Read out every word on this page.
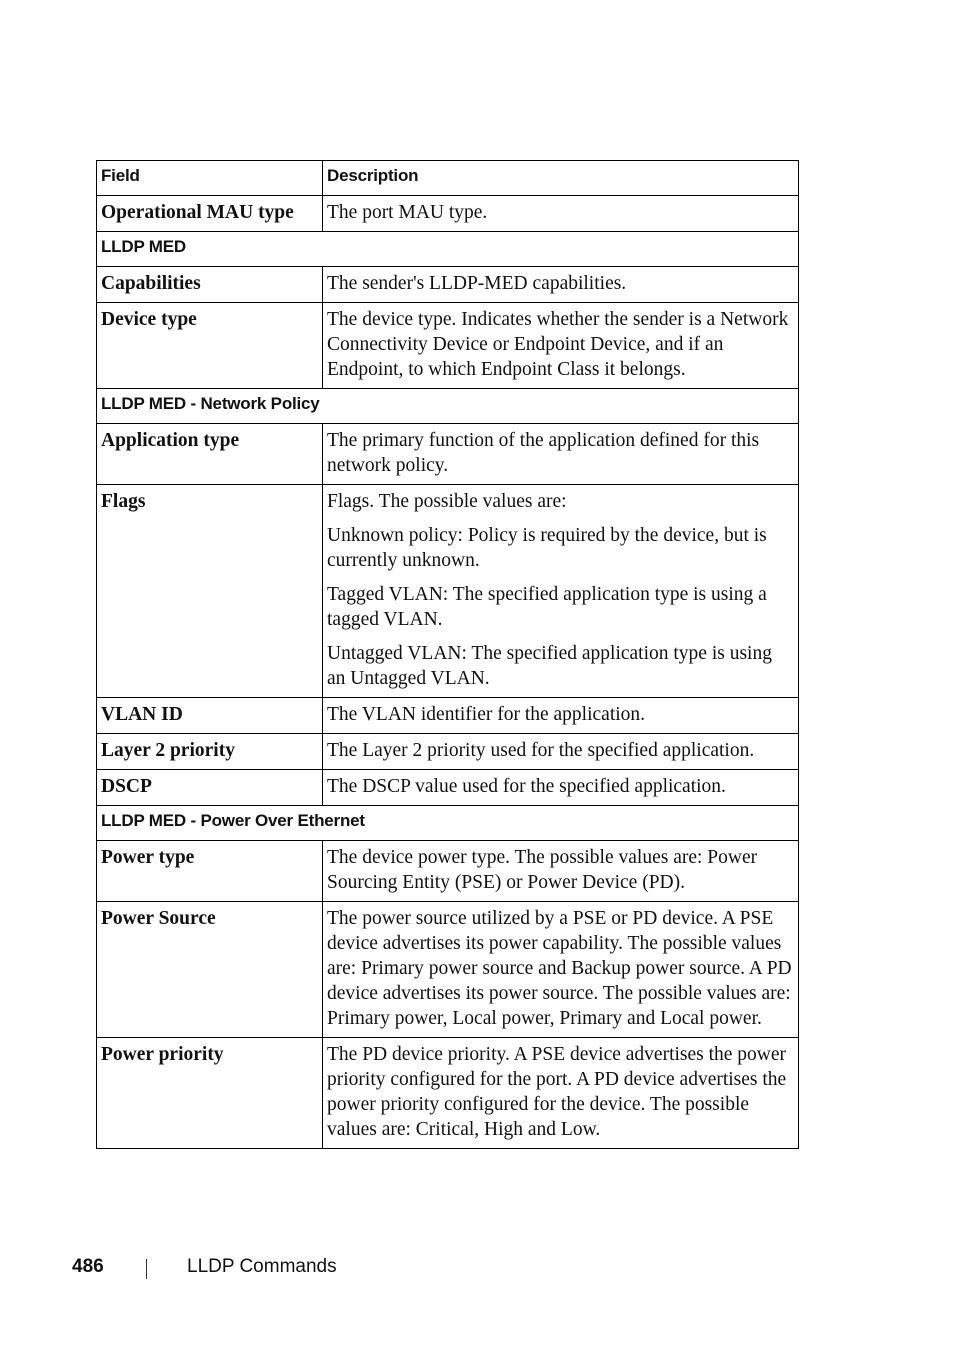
Field	Description
Operational MAU type	The port MAU type.

LLDP MED	
Capabilities	The sender's LLDP-MED capabilities.

Device type	The device type. Indicates whether the sender is a Network Connectivity Device or Endpoint Device, and if an Endpoint, to which Endpoint Class it belongs.

LLDP MED - Network Policy	
Application type	The primary function of the application defined for this network policy.

Flags	Flags. The possible values are:
Unknown policy: Policy is required by the device, but is currently unknown.
Tagged VLAN: The specified application type is using a tagged VLAN.
Untagged VLAN: The specified application type is using an Untagged VLAN.

VLAN ID	The VLAN identifier for the application.

Layer 2 priority	The Layer 2 priority used for the specified application.

DSCP	The DSCP value used for the specified application.

LLDP MED - Power Over Ethernet	
Power type	The device power type. The possible values are: Power Sourcing Entity (PSE) or Power Device (PD).

Power Source	The power source utilized by a PSE or PD device. A PSE device advertises its power capability. The possible values are: Primary power source and Backup power source. A PD device advertises its power source. The possible values are: Primary power, Local power, Primary and Local power.

Power priority	The PD device priority. A PSE device advertises the power priority configured for the port. A PD device advertises the power priority configured for the device. The possible values are: Critical, High and Low.
486	LLDP Commands
